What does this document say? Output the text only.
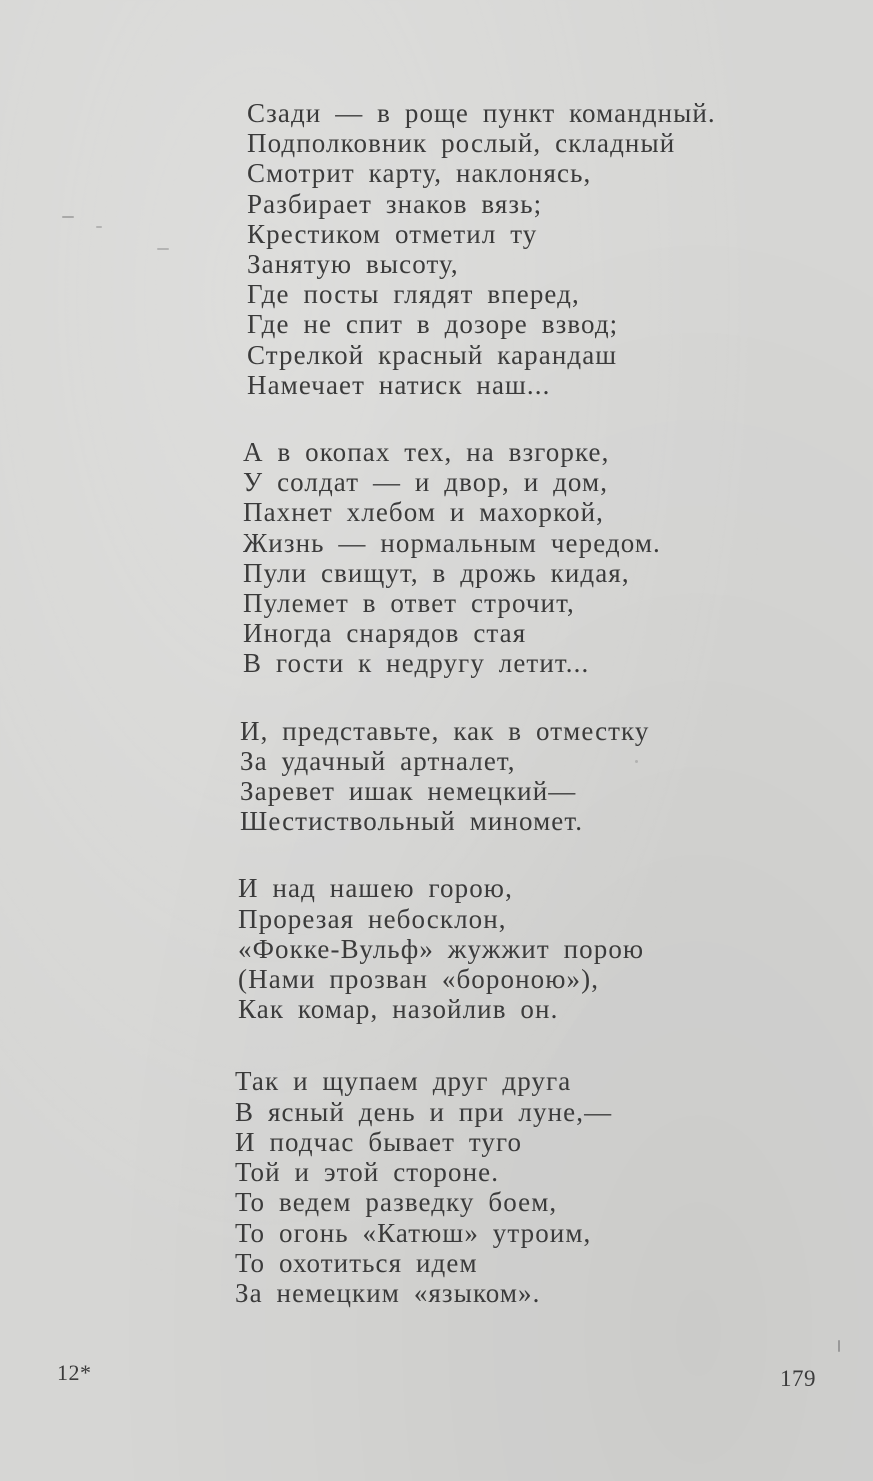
Сзади — в роще пункт командный.
Подполковник рослый, складный
Смотрит карту, наклонясь,
Разбирает знаков вязь;
Крестиком отметил ту
Занятую высоту,
Где посты глядят вперед,
Где не спит в дозоре взвод;
Стрелкой красный карандаш
Намечает натиск наш...
А в окопах тех, на взгорке,
У солдат — и двор, и дом,
Пахнет хлебом и махоркой,
Жизнь — нормальным чередом.
Пули свищут, в дрожь кидая,
Пулемет в ответ строчит,
Иногда снарядов стая
В гости к недругу летит...
И, представьте, как в отместку
За удачный артналет,
Заревет ишак немецкий—
Шестиствольный миномет.
И над нашею горою,
Прорезая небосклон,
«Фокке-Вульф» жужжит порою
(Нами прозван «бороною»),
Как комар, назойлив он.
Так и щупаем друг друга
В ясный день и при луне,—
И подчас бывает туго
Той и этой стороне.
То ведем разведку боем,
То огонь «Катюш» утроим,
То охотиться идем
За немецким «языком».
12*	179
